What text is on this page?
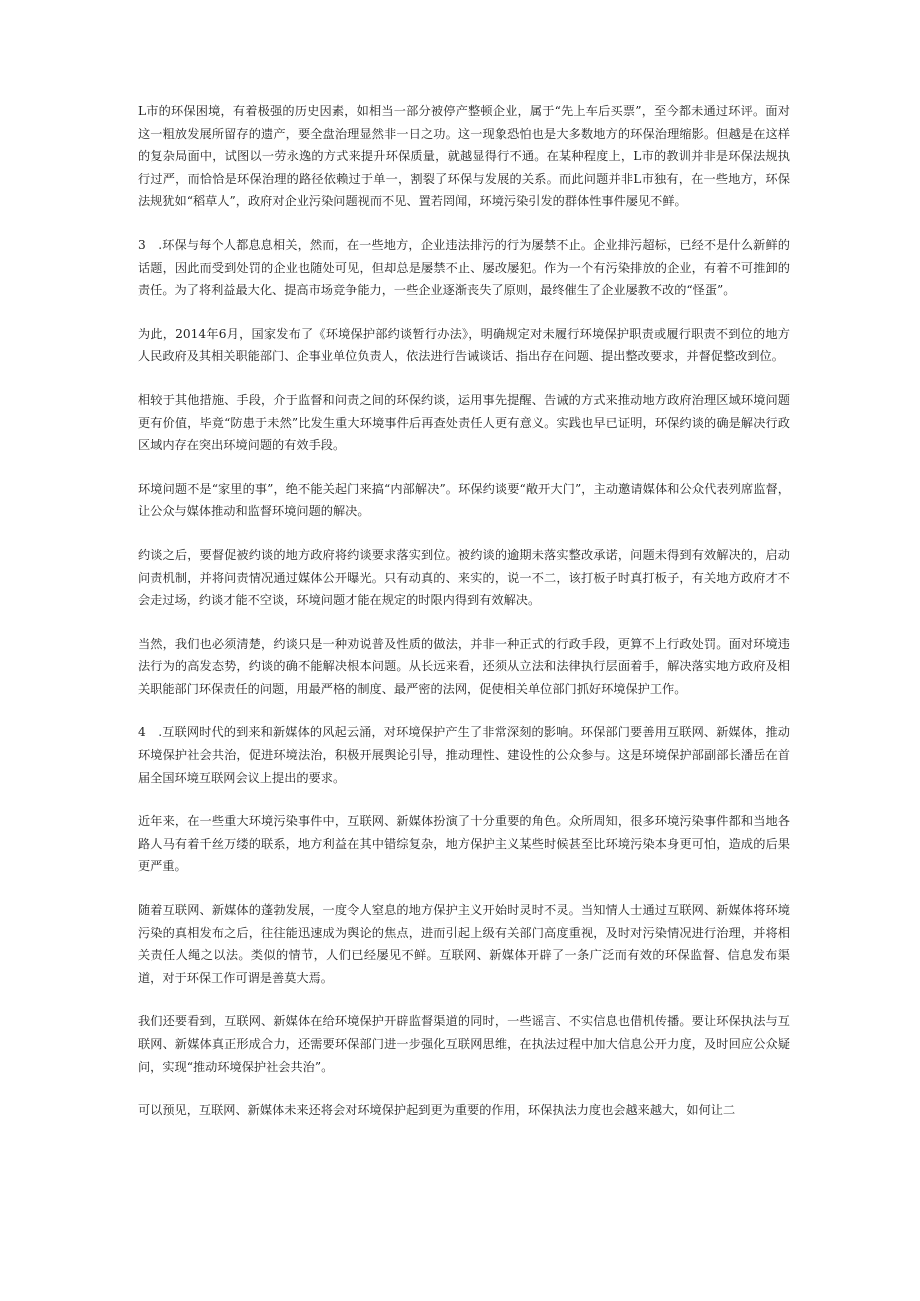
L市的环保困境，有着极强的历史因素，如相当一部分被停产整顿企业，属于“先上车后买票”，至今都未通过环评。面对这一粗放发展所留存的遗产，要全盘治理显然非一日之功。这一现象恐怕也是大多数地方的环保治理缩影。但越是在这样的复杂局面中，试图以一劳永逸的方式来提升环保质量，就越显得行不通。在某种程度上，L市的教训并非是环保法规执行过严，而恰恰是环保治理的路径依赖过于单一，割裂了环保与发展的关系。而此问题并非L市独有，在一些地方，环保法规犹如“稻草人”，政府对企业污染问题视而不见、置若罔闻，环境污染引发的群体性事件屡见不鲜。

3　.环保与每个人都息息相关，然而，在一些地方，企业违法排污的行为屡禁不止。企业排污超标，已经不是什么新鲜的话题，因此而受到处罚的企业也随处可见，但却总是屡禁不止、屡改屡犯。作为一个有污染排放的企业，有着不可推卸的责任。为了将利益最大化、提高市场竞争能力，一些企业逐渐丧失了原则，最终催生了企业屡教不改的“怪蛋”。

为此，2014年6月，国家发布了《环境保护部约谈暂行办法》，明确规定对未履行环境保护职责或履行职责不到位的地方人民政府及其相关职能部门、企事业单位负责人，依法进行告诫谈话、指出存在问题、提出整改要求，并督促整改到位。

相较于其他措施、手段，介于监督和问责之间的环保约谈，运用事先提醒、告诫的方式来推动地方政府治理区域环境问题更有价值，毕竟“防患于未然”比发生重大环境事件后再查处责任人更有意义。实践也早已证明，环保约谈的确是解决行政区域内存在突出环境问题的有效手段。

环境问题不是“家里的事”，绝不能关起门来搞“内部解决”。环保约谈要“敞开大门”，主动邀请媒体和公众代表列席监督，让公众与媒体推动和监督环境问题的解决。

约谈之后，要督促被约谈的地方政府将约谈要求落实到位。被约谈的逾期未落实整改承诺，问题未得到有效解决的，启动问责机制，并将问责情况通过媒体公开曝光。只有动真的、来实的，说一不二，该打板子时真打板子，有关地方政府才不会走过场，约谈才能不空谈，环境问题才能在规定的时限内得到有效解决。

当然，我们也必须清楚，约谈只是一种劝说普及性质的做法，并非一种正式的行政手段，更算不上行政处罚。面对环境违法行为的高发态势，约谈的确不能解决根本问题。从长远来看，还须从立法和法律执行层面着手，解决落实地方政府及相关职能部门环保责任的问题，用最严格的制度、最严密的法网，促使相关单位部门抓好环境保护工作。

4　.互联网时代的到来和新媒体的风起云涌，对环境保护产生了非常深刻的影响。环保部门要善用互联网、新媒体，推动环境保护社会共治，促进环境法治，积极开展舆论引导，推动理性、建设性的公众参与。这是环境保护部副部长潘岳在首届全国环境互联网会议上提出的要求。

近年来，在一些重大环境污染事件中，互联网、新媒体扮演了十分重要的角色。众所周知，很多环境污染事件都和当地各路人马有着千丝万缕的联系，地方利益在其中错综复杂，地方保护主义某些时候甚至比环境污染本身更可怕，造成的后果更严重。

随着互联网、新媒体的蓬勃发展，一度令人窒息的地方保护主义开始时灵时不灵。当知情人士通过互联网、新媒体将环境污染的真相发布之后，往往能迅速成为舆论的焦点，进而引起上级有关部门高度重视，及时对污染情况进行治理，并将相关责任人绳之以法。类似的情节，人们已经屡见不鲜。互联网、新媒体开辟了一条广泛而有效的环保监督、信息发布渠道，对于环保工作可谓是善莫大焉。

我们还要看到，互联网、新媒体在给环境保护开辟监督渠道的同时，一些谣言、不实信息也借机传播。要让环保执法与互联网、新媒体真正形成合力，还需要环保部门进一步强化互联网思维，在执法过程中加大信息公开力度，及时回应公众疑问，实现“推动环境保护社会共治”。

可以预见，互联网、新媒体未来还将会对环境保护起到更为重要的作用，环保执法力度也会越来越大，如何让二
